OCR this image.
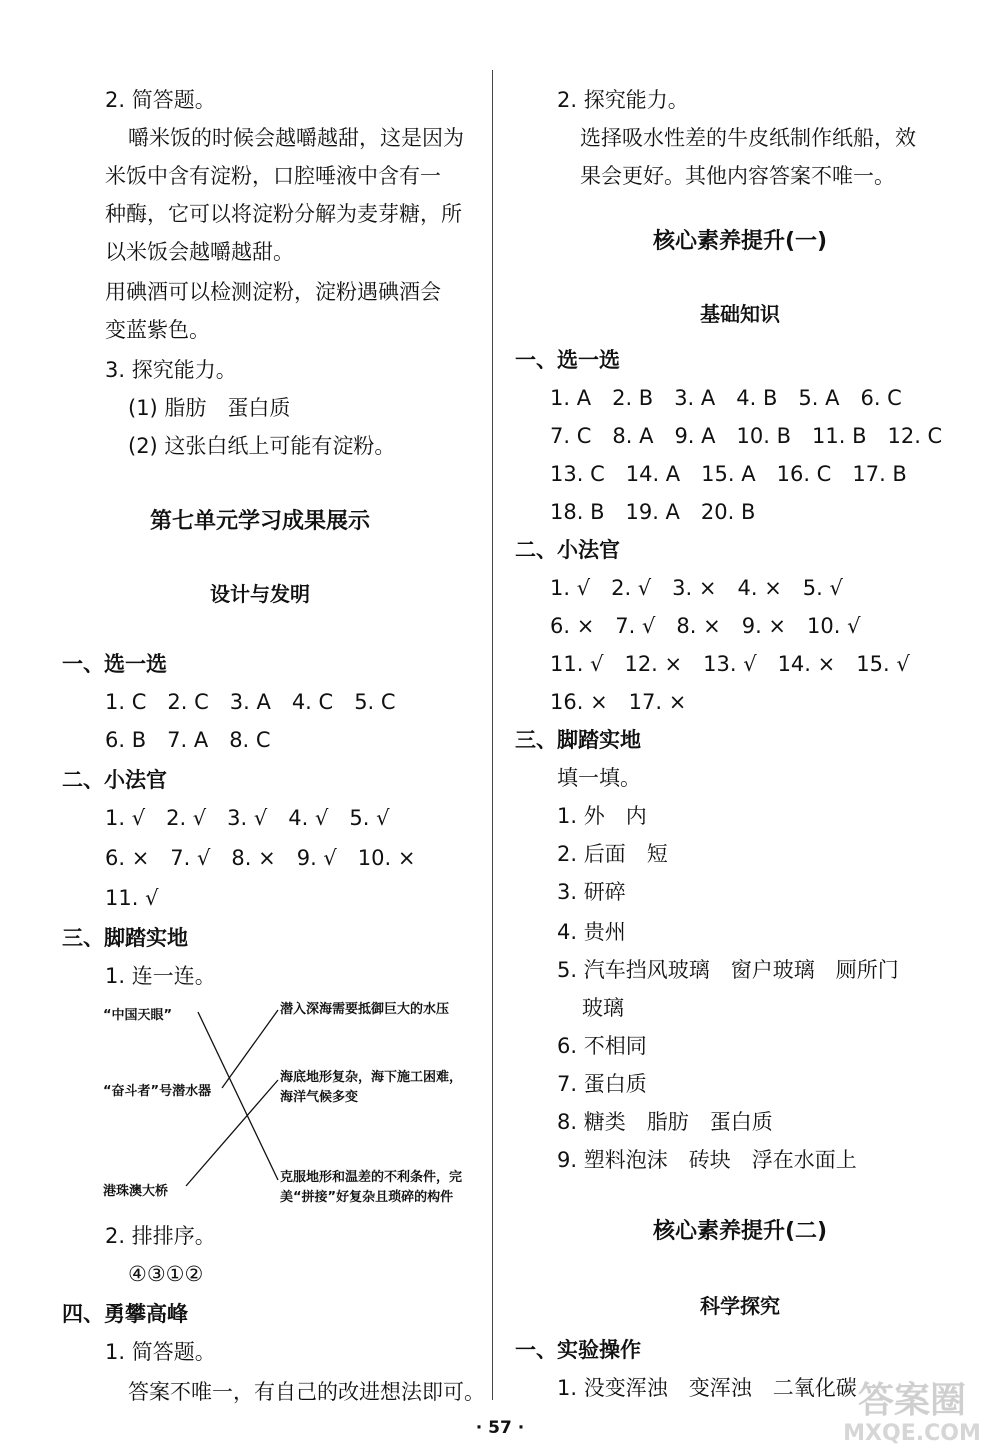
2. 简答题。
嚼米饭的时候会越嚼越甜，这是因为
米饭中含有淀粉，口腔唾液中含有一
种酶，它可以将淀粉分解为麦芽糖，所
以米饭会越嚼越甜。
用碘酒可以检测淀粉，淀粉遇碘酒会
变蓝紫色。
3. 探究能力。
(1) 脂肪　蛋白质
(2) 这张白纸上可能有淀粉。
第七单元学习成果展示
设计与发明
一、选一选
1. C　2. C　3. A　4. C　5. C
6. B　7. A　8. C
二、小法官
1. √　2. √　3. √　4. √　5. √
6. ×　7. √　8. ×　9. √　10. ×
11. √
三、脚踏实地
1. 连一连。
“中国天眼”
“奋斗者”号潜水器
港珠澳大桥
潜入深海需要抵御巨大的水压
海底地形复杂，海下施工困难，
海洋气候多变
克服地形和温差的不利条件，完
美“拼接”好复杂且琐碎的构件
2. 排排序。
④③①②
四、勇攀高峰
1. 简答题。
答案不唯一，有自己的改进想法即可。
2. 探究能力。
选择吸水性差的牛皮纸制作纸船，效
果会更好。其他内容答案不唯一。
核心素养提升(一)
基础知识
一、选一选
1. A　2. B　3. A　4. B　5. A　6. C
7. C　8. A　9. A　10. B　11. B　12. C
13. C　14. A　15. A　16. C　17. B
18. B　19. A　20. B
二、小法官
1. √　2. √　3. ×　4. ×　5. √
6. ×　7. √　8. ×　9. ×　10. √
11. √　12. ×　13. √　14. ×　15. √
16. ×　17. ×
三、脚踏实地
填一填。
1. 外　内
2. 后面　短
3. 研碎
4. 贵州
5. 汽车挡风玻璃　窗户玻璃　厕所门
玻璃
6. 不相同
7. 蛋白质
8. 糖类　脂肪　蛋白质
9. 塑料泡沫　砖块　浮在水面上
核心素养提升(二)
科学探究
一、实验操作
1. 没变浑浊　变浑浊　二氧化碳 答案圈
MXQE.COM
· 57 ·
